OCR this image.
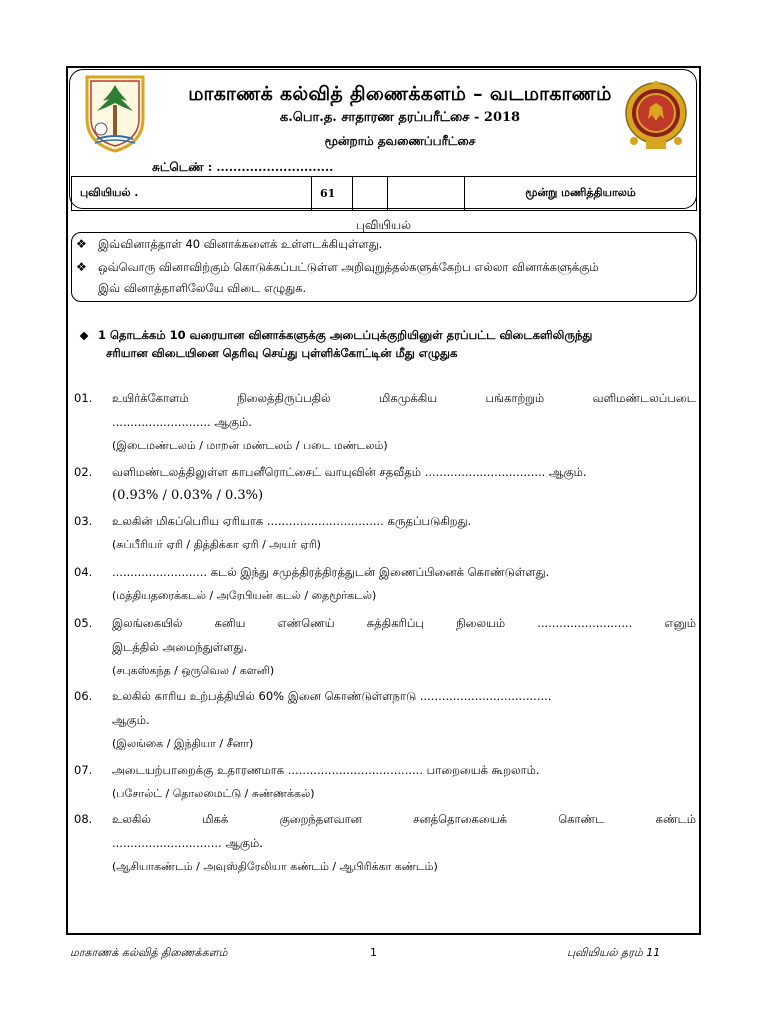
மாகாணக் கல்வித் திணைக்களம் – வடமாகாணம்
க.பொ.த. சாதாரண தரப்பரீட்சை - 2018
மூன்றாம் தவணைப்பரீட்சை
சுட்டெண் : ............................
புவியியல் .	61			மூன்று மணித்தியாலம்
புவியியல்
❖ இவ்வினாத்தாள் 40 வினாக்களைக் உள்ளடக்கியுள்ளது.
❖ ஒவ்வொரு வினாவிற்கும் கொடுக்கப்பட்டுள்ள அறிவுறுத்தல்களுக்கேற்ப எல்லா வினாக்களுக்கும்
இவ் வினாத்தாளிலேயே விடை எழுதுக.
◆ 1 தொடக்கம் 10 வரையான வினாக்களுக்கு அடைப்புக்குறியினுள் தரப்பட்ட விடைகளிலிருந்து
சரியான விடையினை தெரிவு செய்து புள்ளிக்கோட்டின் மீது எழுதுக
01.	உயிர்க்கோளம்	நிலைத்திருப்பதில்	மிகமுக்கிய	பங்காற்றும்	வளிமண்டலப்படை
........................... ஆகும்.
(இடைமண்டலம் / மாறன் மண்டலம் / படை மண்டலம்)
02.	வளிமண்டலத்திலுள்ள காபனீரொட்சைட் வாயுவின் சதவீதம் ................................. ஆகும்.
(0.93% / 0.03% / 0.3%)
03.	உலகின் மிகப்பெரிய ஏரியாக ................................ கருதப்படுகிறது.
(சுப்பீரியர் ஏரி / தித்திக்கா ஏரி / அயர் ஏரி)
04.	.......................... கடல் இந்து சமுத்திரத்திரத்துடன் இணைப்பினைக் கொண்டுள்ளது.
(மத்தியதரைக்கடல் / அரேபியன் கடல் / தைமூர்கடல்)
05.	இலங்கையில்	கனிய	எண்ணெய்	சுத்திகரிப்பு	நிலையம்	..........................	எனும்
இடத்தில் அமைந்துள்ளது.
(சபுகஸ்கந்த / ஒருவெல / களனி)
06.	உலகில் காரிய உற்பத்தியில் 60% இனை கொண்டுள்ளநாடு ....................................
ஆகும்.
(இலங்கை / இந்தியா / சீனா)
07.	அடையற்பாறைக்கு உதாரணமாக ..................................... பாறையைக் கூறலாம்.
(பசோல்ட் / தொலமைட்டு / சுண்ணக்கல்)
08.	உலகில்	மிகக்	குறைந்தளவான	சனத்தொகையைக்	கொண்ட	கண்டம்
.............................. ஆகும்.
(ஆசியாகண்டம் / அவுஸ்திரேலியா கண்டம் / ஆபிரிக்கா கண்டம்)
மாகாணக் கல்வித் திணைக்களம்	1	புவியியல் தரம் 11
